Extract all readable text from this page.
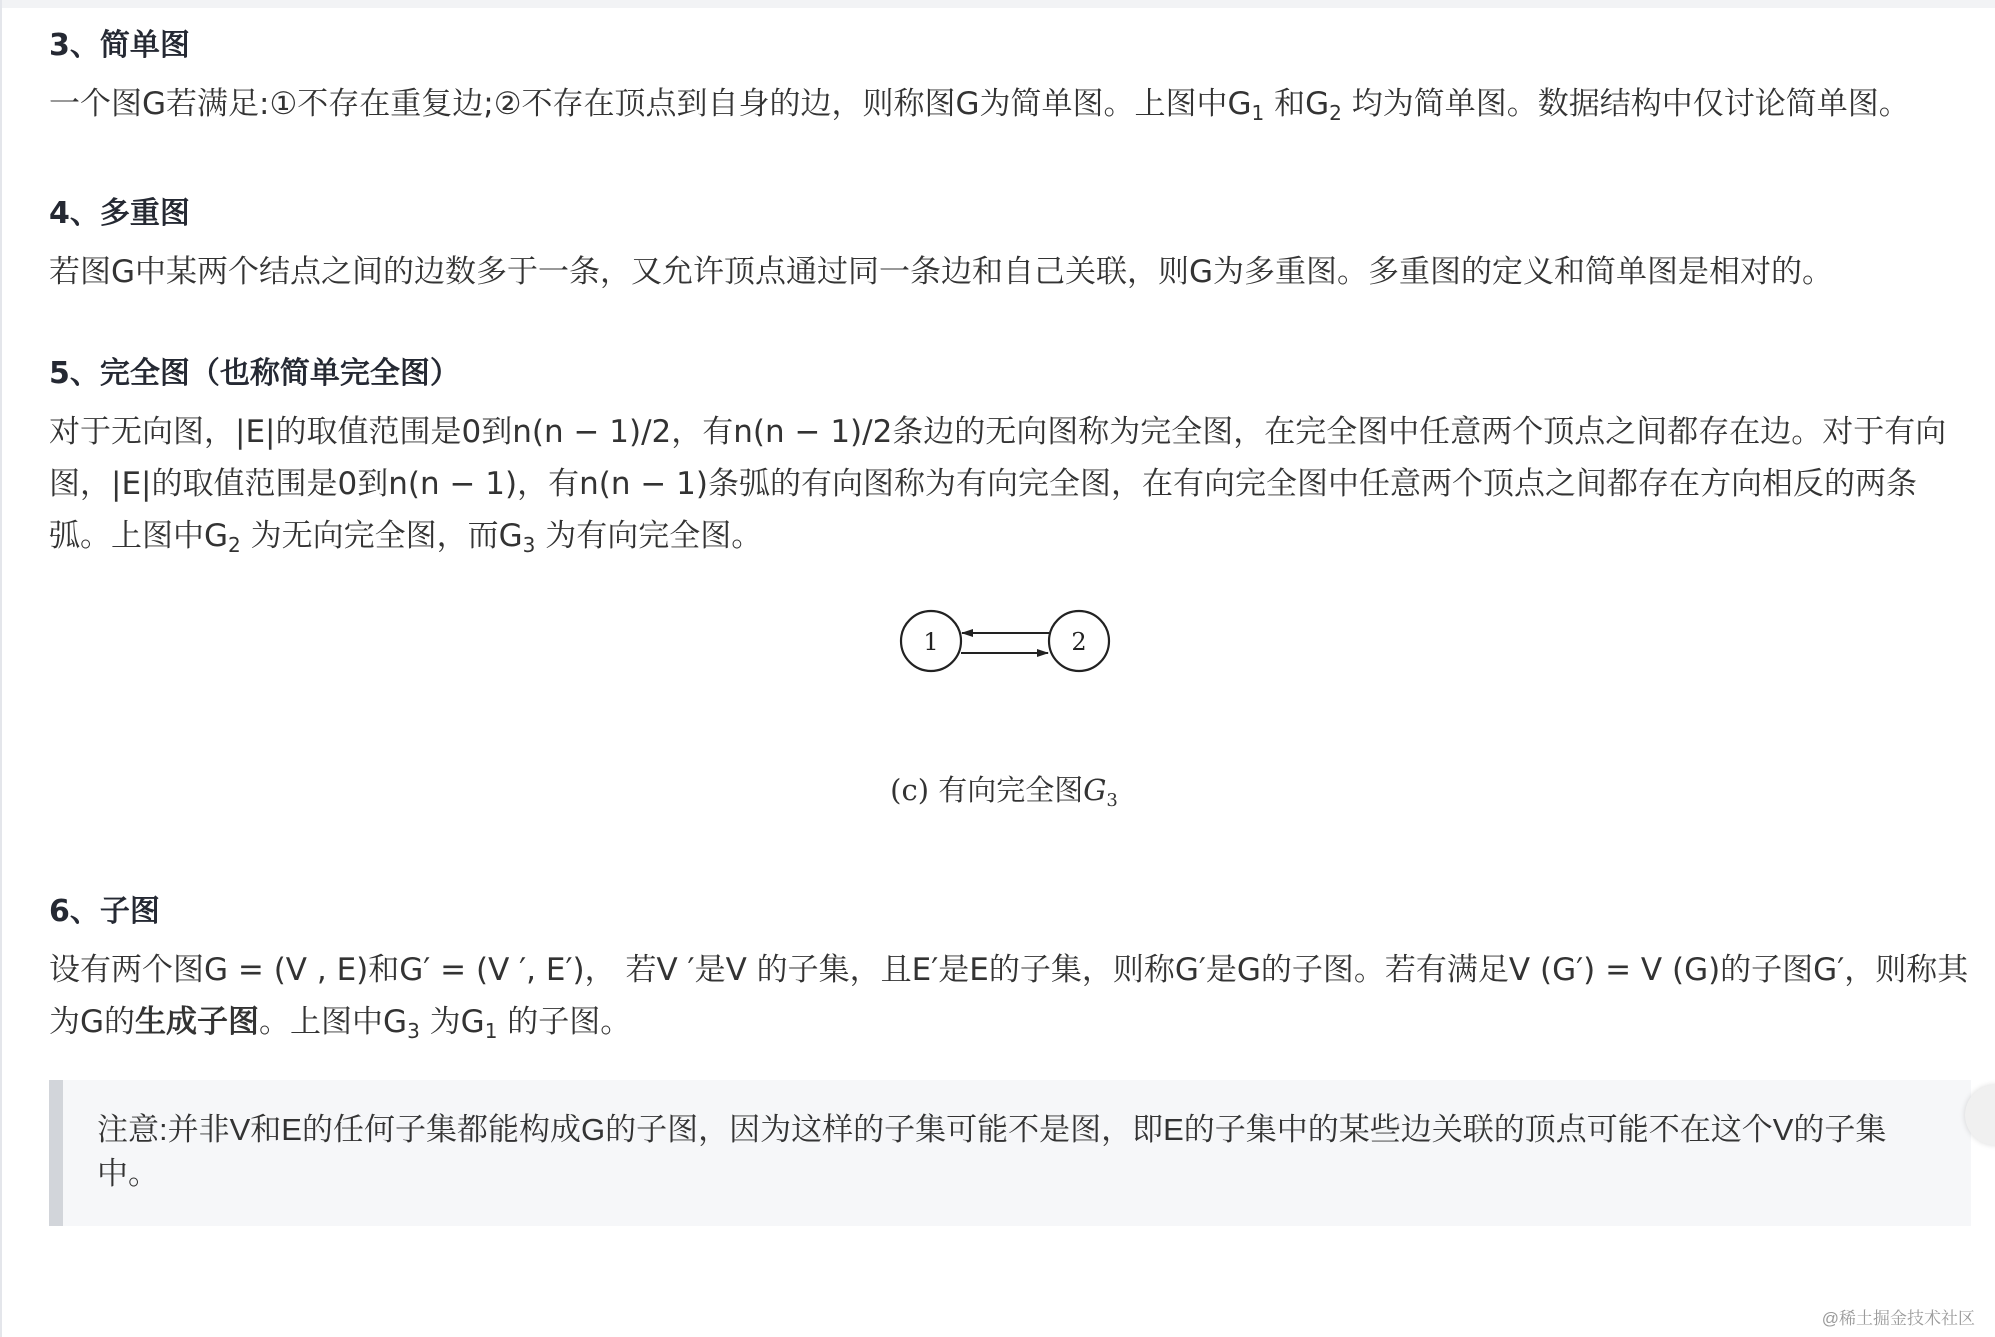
3、简单图

一个图G若满足:①不存在重复边;②不存在顶点到自身的边，则称图G为简单图。上图中$G_1$ 和$G_2$ 均为简单图。数据结构中仅讨论简单图。

4、多重图

若图G中某两个结点之间的边数多于一条，又允许顶点通过同一条边和自己关联，则G为多重图。多重图的定义和简单图是相对的。

5、完全图（也称简单完全图）

对于无向图，|E|的取值范围是0到n(n − 1)/2，有n(n − 1)/2条边的无向图称为完全图，在完全图中任意两个顶点之间都存在边。对于有向图，|E|的取值范围是0到n(n − 1)，有n(n − 1)条弧的有向图称为有向完全图，在有向完全图中任意两个顶点之间都存在方向相反的两条弧。上图中$G_2$ 为无向完全图，而$G_3$ 为有向完全图。

1	2
(c) 有向完全图$G_3$
6、子图

设有两个图G = (V , E)和G′ = (V ′, E′)， 若V ′是V 的子集，且E′是E的子集，则称G′是G的子图。若有满足V (G′) = V (G)的子图G′，则称其为G的生成子图。上图中$G_3$ 为$G_1$ 的子图。

注意:并非V和E的任何子集都能构成G的子图，因为这样的子集可能不是图，即E的子集中的某些边关联的顶点可能不在这个V的子集中。
@稀土掘金技术社区
